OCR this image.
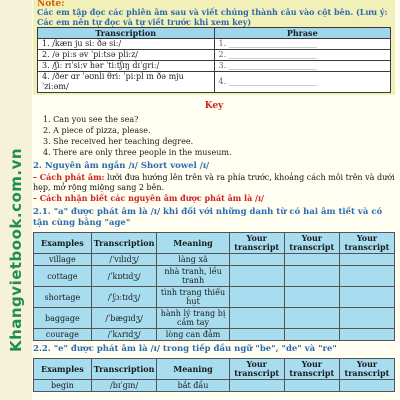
Khangvietbook.com.vn
Note:
Các em tập đọc các phiên âm sau và viết chúng thành câu vào cột bên. (Lưu ý: Các em nên tự đọc và tự viết trước khi xem key)
Transcription	Phrase
1. /kæn ju siː ðə siː/	1. ______________________
2. /ə piːs əv ˈpiːtsə pliːz/	2. ______________________
3. /ʃiː rɪˈsiːv hər ˈtiːtʃɪŋ dɪˈɡriː/	3. ______________________
4. /ðer ɑr ˈəʊnli θriː ˈpiːpl ɪn ðə mjuˈziːəm/	4. ______________________
Key
1. Can you see the sea?
2. A piece of pizza, please.
3. She received her teaching degree.
4. There are only three people in the museum.
2. Nguyên âm ngắn /ɪ/ Short vowel /ɪ/
– Cách phát âm: lưỡi đưa hướng lên trên và ra phía trước, khoảng cách môi trên và dưới hẹp, mở rộng miệng sang 2 bên.
– Cách nhận biết các nguyên âm được phát âm là /ɪ/
2.1. "a" được phát âm là /ɪ/ khi đối với những danh từ có hai âm tiết và có tận cùng bằng "age"
Examples	Transcription	Meaning	Your transcript	Your transcript	Your transcript
village	/ˈvɪlɪdʒ/	làng xã			
cottage	/ˈkɒtɪdʒ/	nhà tranh, lều tranh			
shortage	/ˈʃɔːtɪdʒ/	tình trạng thiếu hụt			
baggage	/ˈbæɡɪdʒ/	hành lý trang bị cầm tay			
courage	/ˈkʌrɪdʒ/	lòng can đảm			
2.2. "e" được phát âm là /ɪ/ trong tiếp đầu ngữ "be", "de" và "re"
Examples	Transcription	Meaning	Your transcript	Your transcript	Your transcript
begin	/bɪˈɡɪn/	bắt đầu			
